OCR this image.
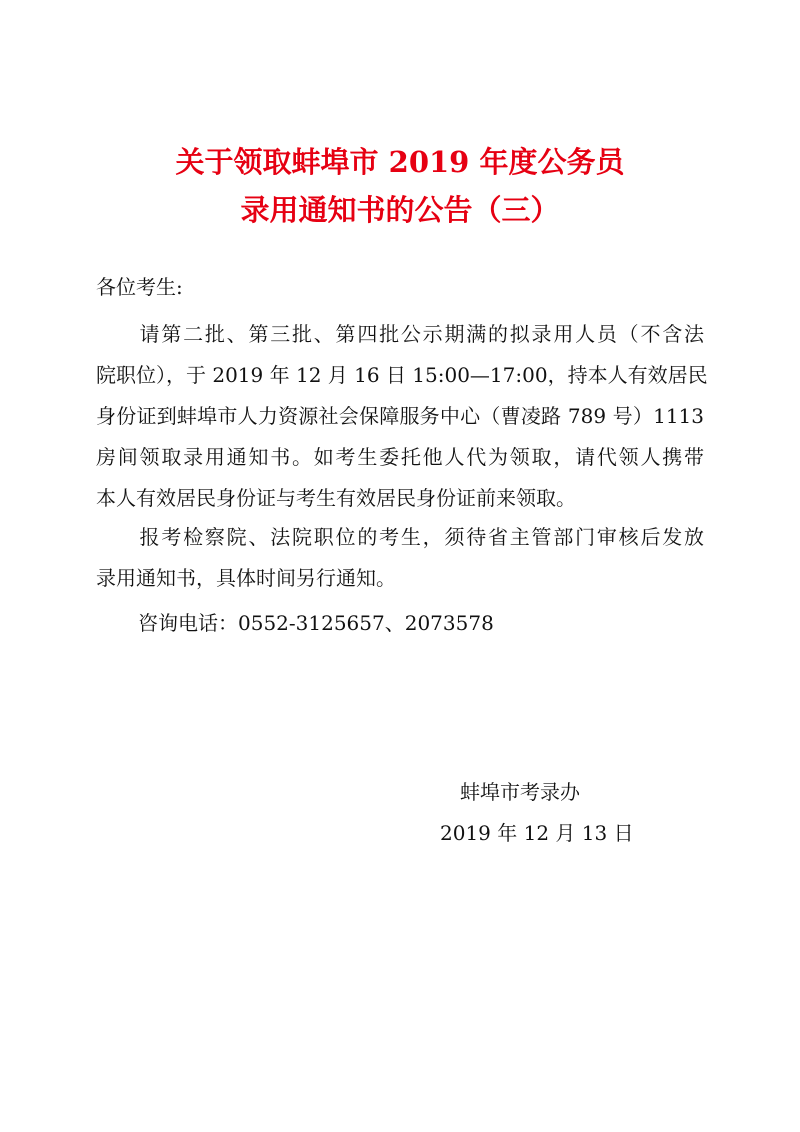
关于领取蚌埠市 2019 年度公务员
录用通知书的公告（三）
各位考生:
　　请第二批、第三批、第四批公示期满的拟录用人员（不含法
院职位），于 2019 年 12 月 16 日 15:00—17:00，持本人有效居民
身份证到蚌埠市人力资源社会保障服务中心（曹凌路 789 号）1113
房间领取录用通知书。如考生委托他人代为领取，请代领人携带
本人有效居民身份证与考生有效居民身份证前来领取。
　　报考检察院、法院职位的考生，须待省主管部门审核后发放
录用通知书，具体时间另行通知。
咨询电话：0552-3125657、2073578
蚌埠市考录办
2019 年 12 月 13 日
